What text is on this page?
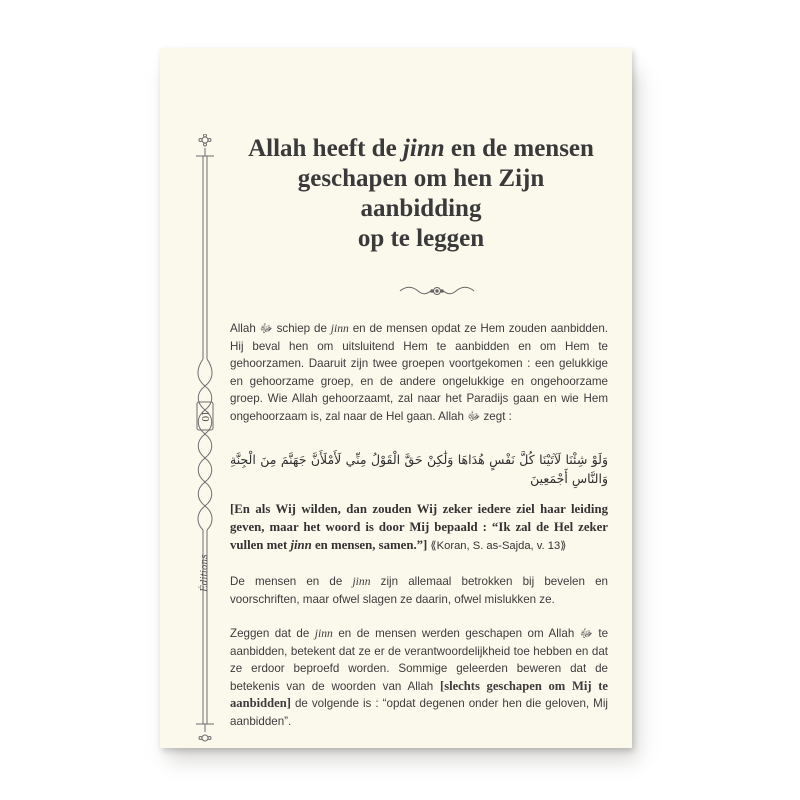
10
Éditions
Allah heeft de jinn en de mensen
geschapen om hen Zijn aanbidding
op te leggen

Allah ﷻ schiep de jinn en de mensen opdat ze Hem zouden aanbidden. Hij beval hen om uitsluitend Hem te aanbidden en om Hem te gehoorzamen. Daaruit zijn twee groepen voortgekomen : een gelukkige en gehoorzame groep, en de andere ongelukkige en ongehoorzame groep. Wie Allah gehoorzaamt, zal naar het Paradijs gaan en wie Hem ongehoorzaam is, zal naar de Hel gaan. Allah ﷻ zegt :

وَلَوْ شِئْنَا لَآتَيْنَا كُلَّ نَفْسٍ هُدَاهَا وَلَٰكِنْ حَقَّ الْقَوْلُ مِنِّي لَأَمْلَأَنَّ جَهَنَّمَ مِنَ الْجِنَّةِ وَالنَّاسِ أَجْمَعِينَ

[En als Wij wilden, dan zouden Wij zeker iedere ziel haar leiding geven, maar het woord is door Mij bepaald : “Ik zal de Hel zeker vullen met jinn en mensen, samen.”] ⟪Koran, S. as-Sajda, v. 13⟫

De mensen en de jinn zijn allemaal betrokken bij bevelen en voorschriften, maar ofwel slagen ze daarin, ofwel mislukken ze.

Zeggen dat de jinn en de mensen werden geschapen om Allah ﷻ te aanbidden, betekent dat ze er de verantwoordelijkheid toe hebben en dat ze erdoor beproefd worden. Sommige geleerden beweren dat de betekenis van de woorden van Allah [slechts geschapen om Mij te aanbidden] de volgende is : “opdat degenen onder hen die geloven, Mij aanbidden”.
